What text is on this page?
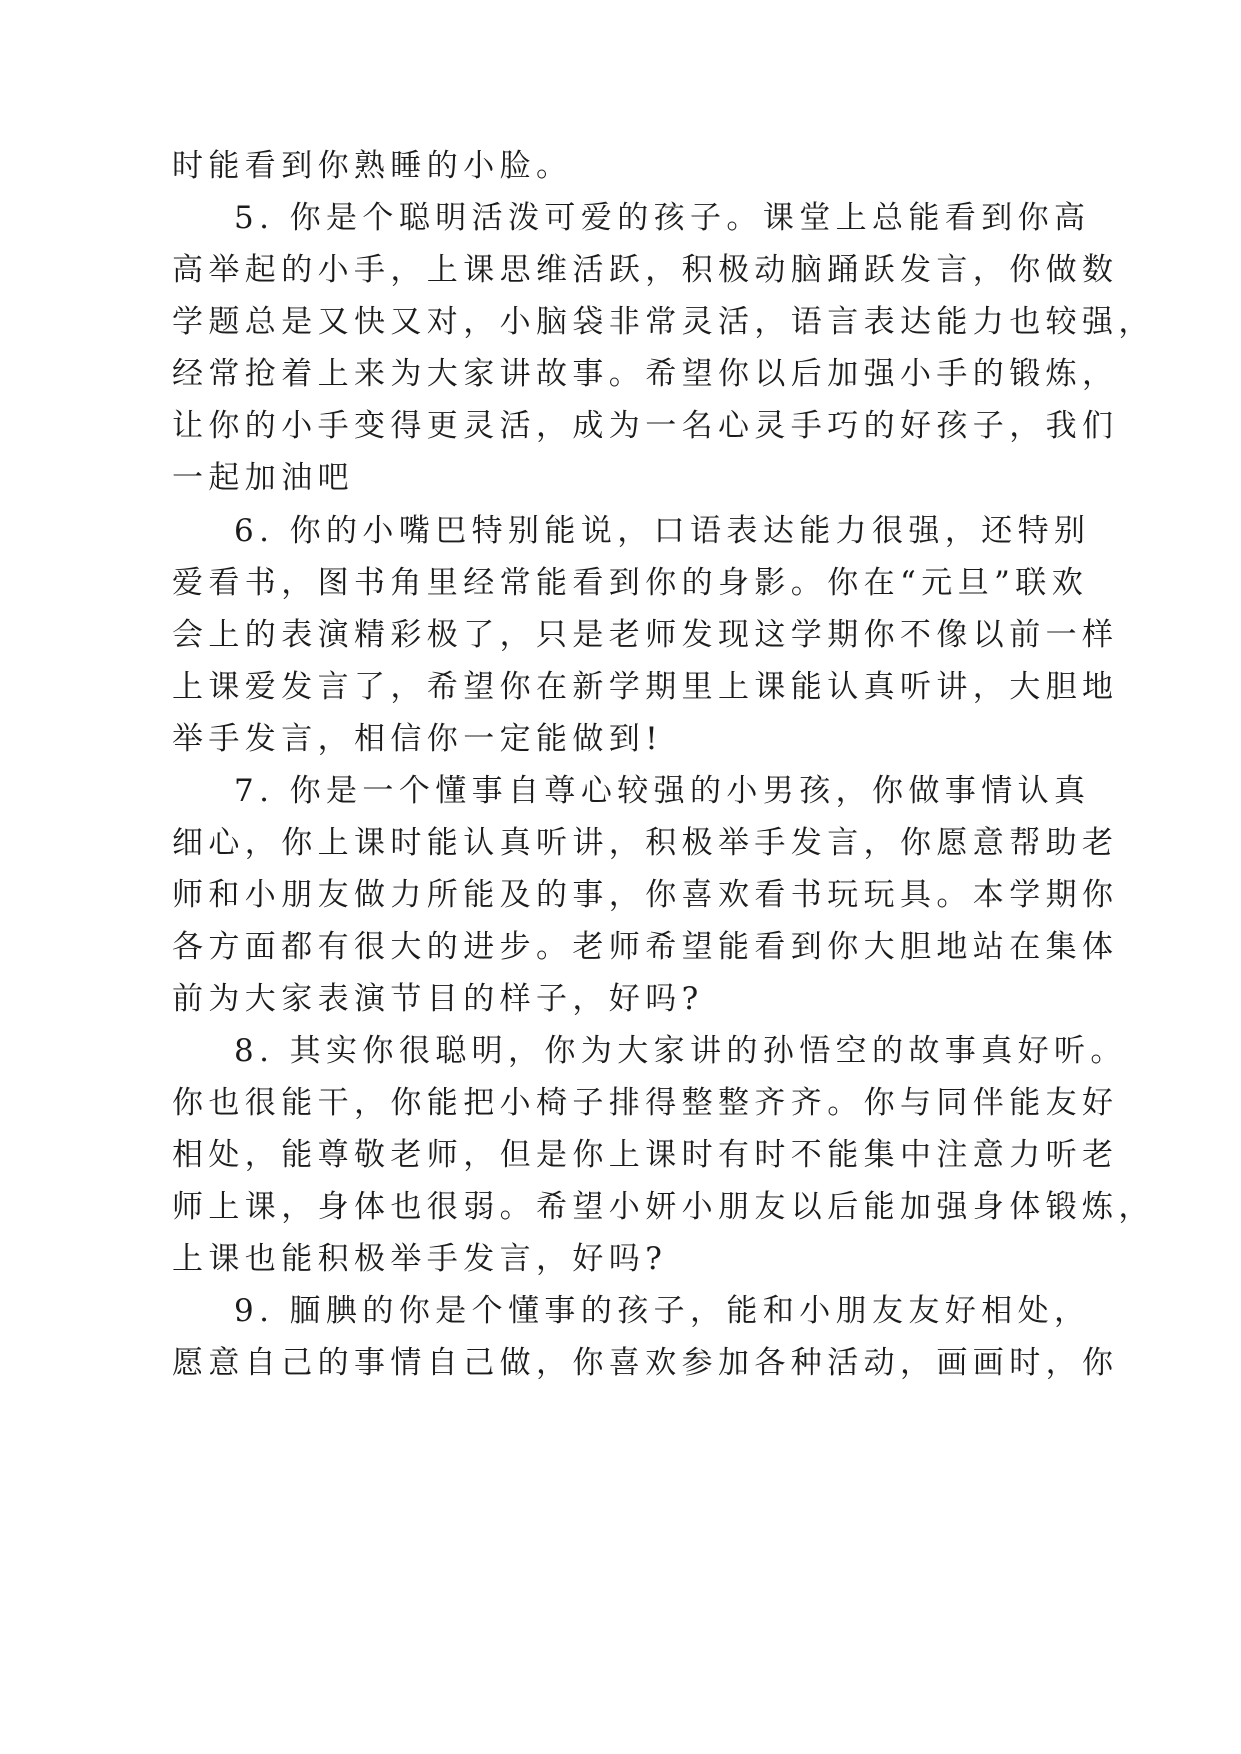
时能看到你熟睡的小脸。
5. 你是个聪明活泼可爱的孩子。课堂上总能看到你高
高举起的小手，上课思维活跃，积极动脑踊跃发言，你做数
学题总是又快又对，小脑袋非常灵活，语言表达能力也较强，
经常抢着上来为大家讲故事。希望你以后加强小手的锻炼，
让你的小手变得更灵活，成为一名心灵手巧的好孩子，我们
一起加油吧
6. 你的小嘴巴特别能说，口语表达能力很强，还特别
爱看书，图书角里经常能看到你的身影。你在“元旦”联欢
会上的表演精彩极了，只是老师发现这学期你不像以前一样
上课爱发言了，希望你在新学期里上课能认真听讲，大胆地
举手发言，相信你一定能做到!
7. 你是一个懂事自尊心较强的小男孩，你做事情认真
细心，你上课时能认真听讲，积极举手发言，你愿意帮助老
师和小朋友做力所能及的事，你喜欢看书玩玩具。本学期你
各方面都有很大的进步。老师希望能看到你大胆地站在集体
前为大家表演节目的样子，好吗?
8. 其实你很聪明，你为大家讲的孙悟空的故事真好听。
你也很能干，你能把小椅子排得整整齐齐。你与同伴能友好
相处，能尊敬老师，但是你上课时有时不能集中注意力听老
师上课，身体也很弱。希望小妍小朋友以后能加强身体锻炼，
上课也能积极举手发言，好吗?
9. 腼腆的你是个懂事的孩子，能和小朋友友好相处，
愿意自己的事情自己做，你喜欢参加各种活动，画画时，你
